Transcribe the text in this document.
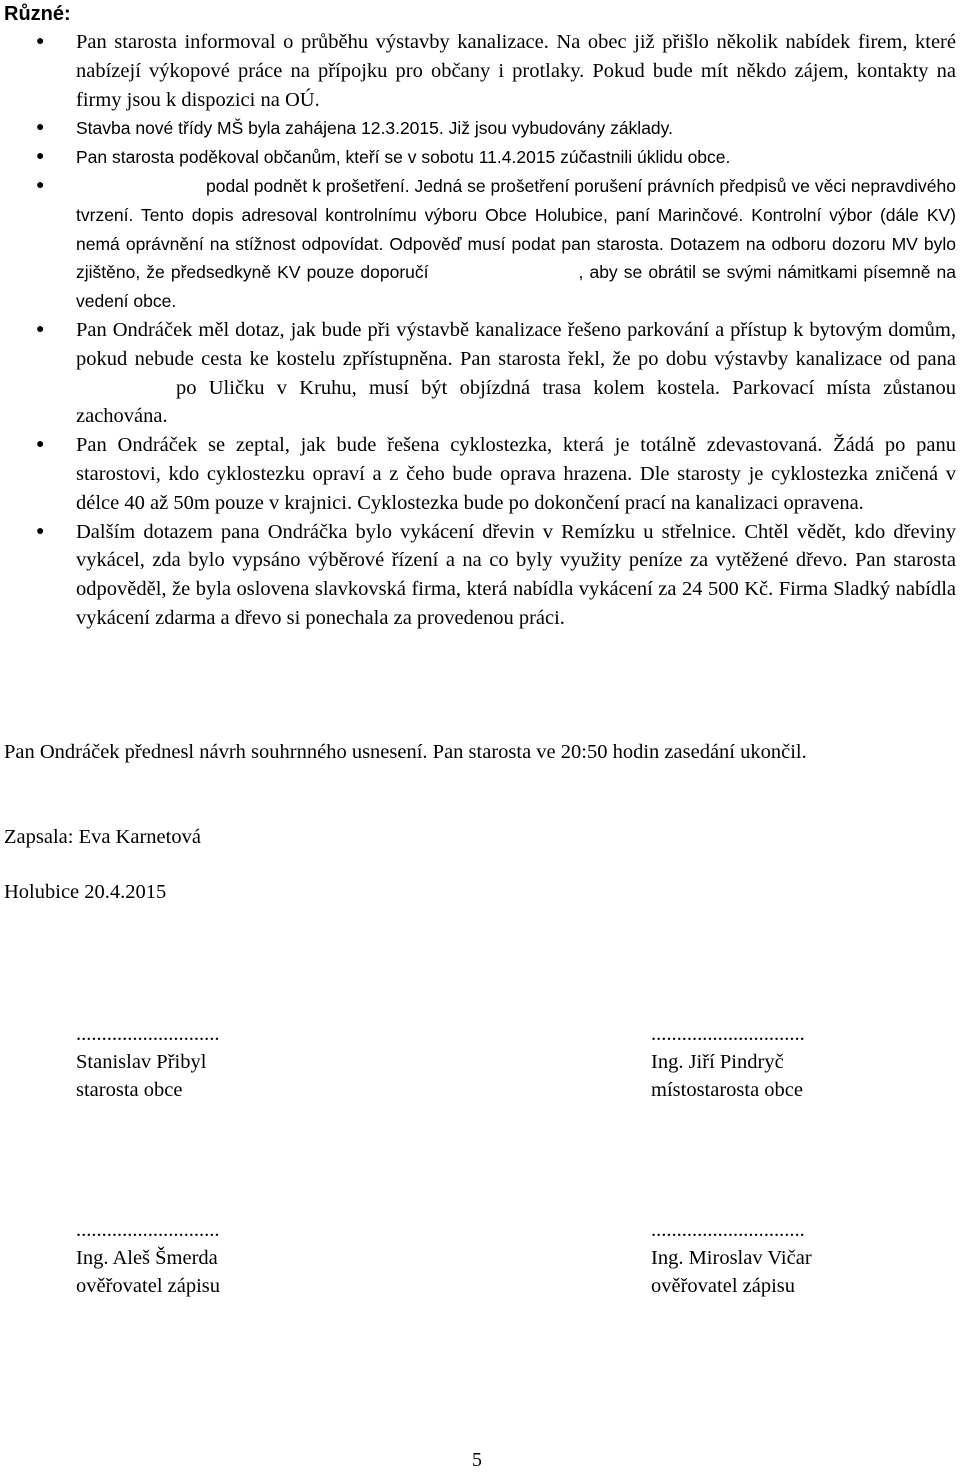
Různé:
● Pan starosta informoval o průběhu výstavby kanalizace. Na obec již přišlo několik nabídek firem, které nabízejí výkopové práce na přípojku pro občany i protlaky. Pokud bude mít někdo zájem, kontakty na firmy jsou k dispozici na OÚ.
● Stavba nové třídy MŠ byla zahájena 12.3.2015. Již jsou vybudovány základy.
● Pan starosta poděkoval občanům, kteří se v sobotu 11.4.2015 zúčastnili úklidu obce.
●	podal podnět k prošetření. Jedná se prošetření porušení právních předpisů ve věci nepravdivého tvrzení. Tento dopis adresoval kontrolnímu výboru Obce Holubice, paní Marinčové. Kontrolní výbor (dále KV) nemá oprávnění na stížnost odpovídat. Odpověď musí podat pan starosta. Dotazem na odboru dozoru MV bylo zjištěno, že předsedkyně KV pouze doporučí	, aby se obrátil se svými námitkami písemně na vedení obce.
● Pan Ondráček měl dotaz, jak bude při výstavbě kanalizace řešeno parkování a přístup k bytovým domům, pokud nebude cesta ke kostelu zpřístupněna. Pan starosta řekl, že po dobu výstavby kanalizace od panapo Uličku v Kruhu, musí být objízdná trasa kolem kostela. Parkovací místa zůstanou zachována.
● Pan Ondráček se zeptal, jak bude řešena cyklostezka, která je totálně zdevastovaná. Žádá po panu starostovi, kdo cyklostezku opraví a z čeho bude oprava hrazena. Dle starosty je cyklostezka zničená v délce 40 až 50m pouze v krajnici. Cyklostezka bude po dokončení prací na kanalizaci opravena.
● Dalším dotazem pana Ondráčka bylo vykácení dřevin v Remízku u střelnice. Chtěl vědět, kdo dřeviny vykácel, zda bylo vypsáno výběrové řízení a na co byly využity peníze za vytěžené dřevo. Pan starosta odpověděl, že byla oslovena slavkovská firma, která nabídla vykácení za 24 500 Kč. Firma Sladký nabídla vykácení zdarma a dřevo si ponechala za provedenou práci.

Pan Ondráček přednesl návrh souhrnného usnesení. Pan starosta ve 20:50 hodin zasedání ukončil.

Zapsala: Eva Karnetová

Holubice 20.4.2015

............................
Stanislav Přibyl
starosta obce
..............................
Ing. Jiří Pindryč
místostarosta obce
............................
Ing. Aleš Šmerda
ověřovatel zápisu
..............................
Ing. Miroslav Vičar
ověřovatel zápisu
5
